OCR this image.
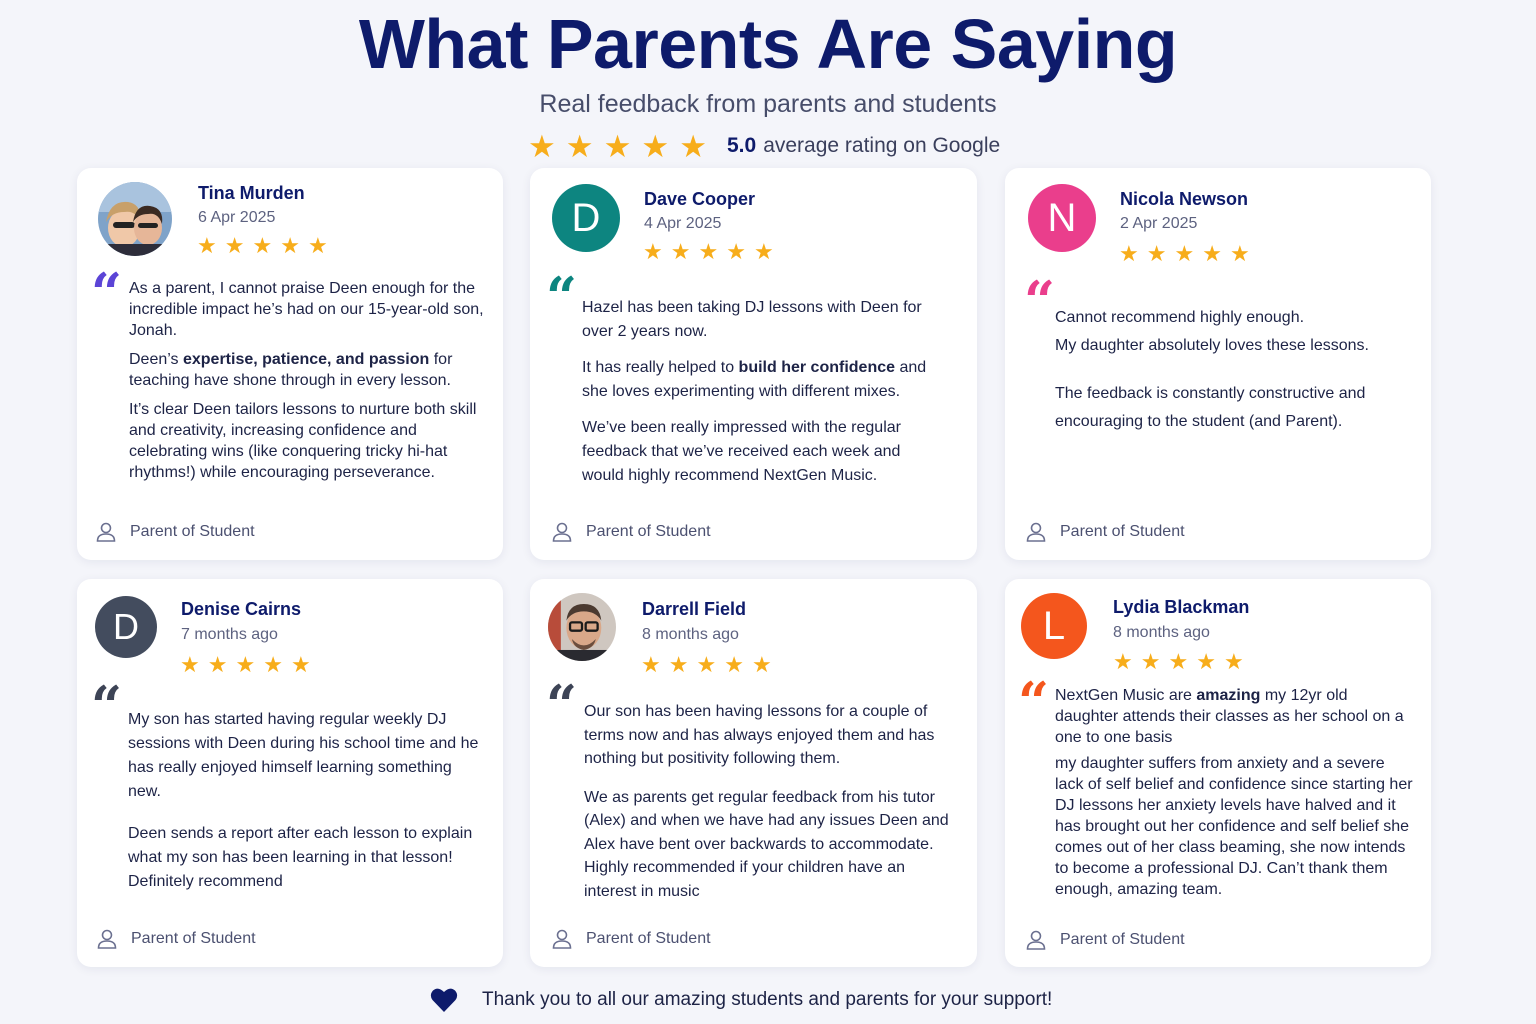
What Parents Are Saying
Real feedback from parents and students
★ ★ ★ ★ ★ 5.0 average rating on Google
Tina Murden
6 Apr 2025
★ ★ ★ ★ ★
“ As a parent, I cannot praise Deen enough for the incredible impact he’s had on our 15-year-old son, Jonah.

Deen’s expertise, patience, and passion for teaching have shone through in every lesson.

It’s clear Deen tailors lessons to nurture both skill and creativity, increasing confidence and celebrating wins (like conquering tricky hi-hat rhythms!) while encouraging perseverance.

Parent of Student
D Dave Cooper
4 Apr 2025
★ ★ ★ ★ ★
“ Hazel has been taking DJ lessons with Deen for over 2 years now.

It has really helped to build her confidence and she loves experimenting with different mixes.

We’ve been really impressed with the regular feedback that we’ve received each week and would highly recommend NextGen Music.

Parent of Student
N Nicola Newson
2 Apr 2025
★ ★ ★ ★ ★
“ Cannot recommend highly enough.

My daughter absolutely loves these lessons.

The feedback is constantly constructive and encouraging to the student (and Parent).

Parent of Student
D Denise Cairns
7 months ago
★ ★ ★ ★ ★
“ My son has started having regular weekly DJ sessions with Deen during his school time and he has really enjoyed himself learning something new.

Deen sends a report after each lesson to explain what my son has been learning in that lesson! Definitely recommend

Parent of Student
Darrell Field
8 months ago
★ ★ ★ ★ ★
“ Our son has been having lessons for a couple of terms now and has always enjoyed them and has nothing but positivity following them.

We as parents get regular feedback from his tutor (Alex) and when we have had any issues Deen and Alex have bent over backwards to accommodate. Highly recommended if your children have an interest in music

Parent of Student
L	Lydia Blackman
8 months ago
★ ★ ★ ★ ★
“ NextGen Music are amazing my 12yr old daughter attends their classes as her school on a one to one basis

my daughter suffers from anxiety and a severe lack of self belief and confidence since starting her DJ lessons her anxiety levels have halved and it has brought out her confidence and self belief she comes out of her class beaming, she now intends to become a professional DJ. Can’t thank them enough, amazing team.

Parent of Student
Thank you to all our amazing students and parents for your support!
